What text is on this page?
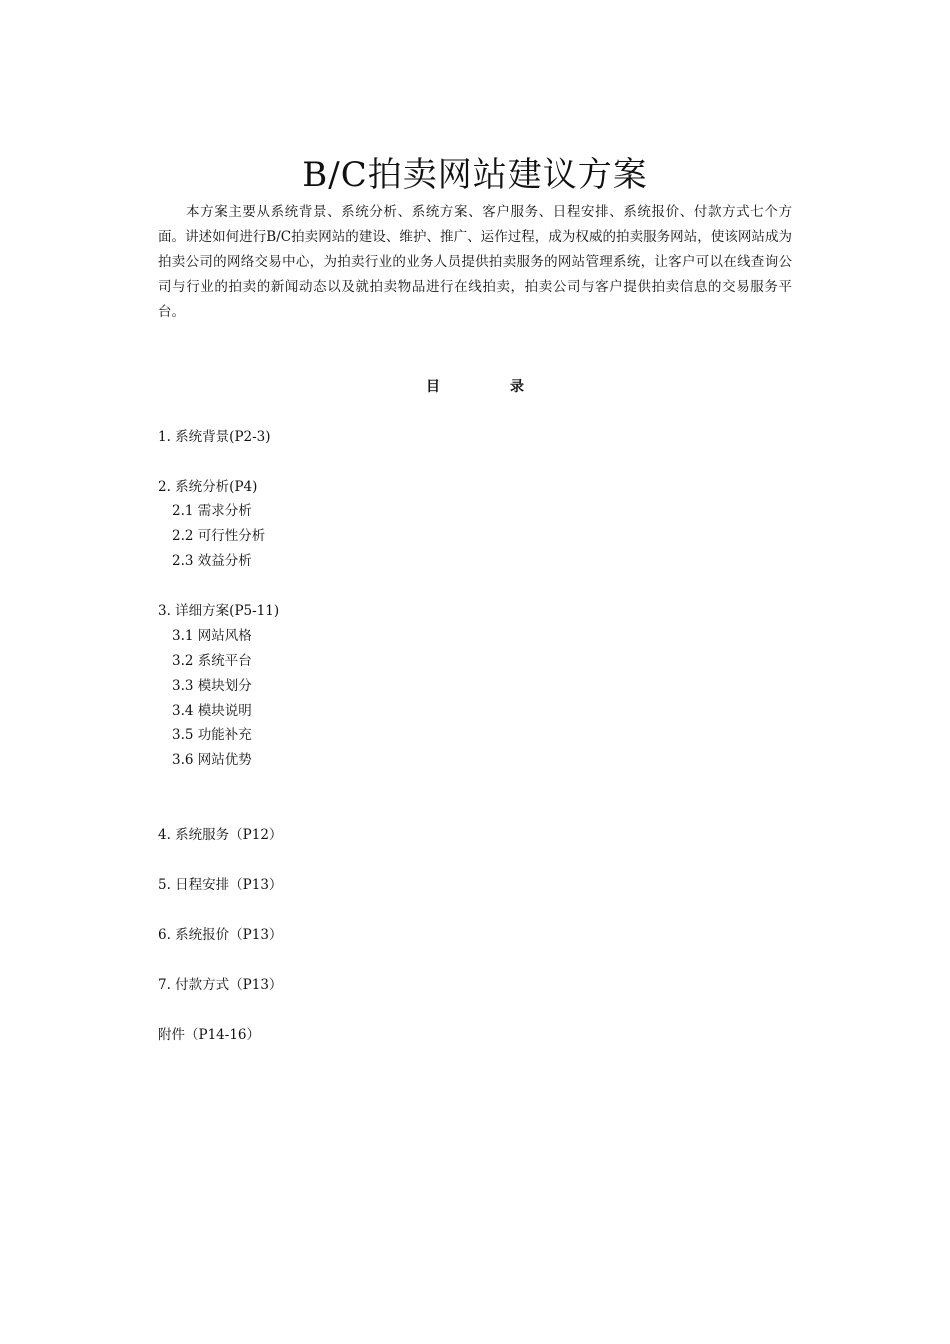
B/C拍卖网站建议方案

本方案主要从系统背景、系统分析、系统方案、客户服务、日程安排、系统报价、付款方式七个方面。讲述如何进行B/C拍卖网站的建设、维护、推广、运作过程，成为权威的拍卖服务网站，使该网站成为拍卖公司的网络交易中心，为拍卖行业的业务人员提供拍卖服务的网站管理系统，让客户可以在线查询公司与行业的拍卖的新闻动态以及就拍卖物品进行在线拍卖，拍卖公司与客户提供拍卖信息的交易服务平台。

目	录
1. 系统背景(P2-3)
2. 系统分析(P4)
2.1 需求分析
2.2 可行性分析
2.3 效益分析
3. 详细方案(P5-11)
3.1 网站风格
3.2 系统平台
3.3 模块划分
3.4 模块说明
3.5 功能补充
3.6 网站优势
4. 系统服务（P12）
5. 日程安排（P13）
6. 系统报价（P13）
7. 付款方式（P13）
附件（P14-16）
